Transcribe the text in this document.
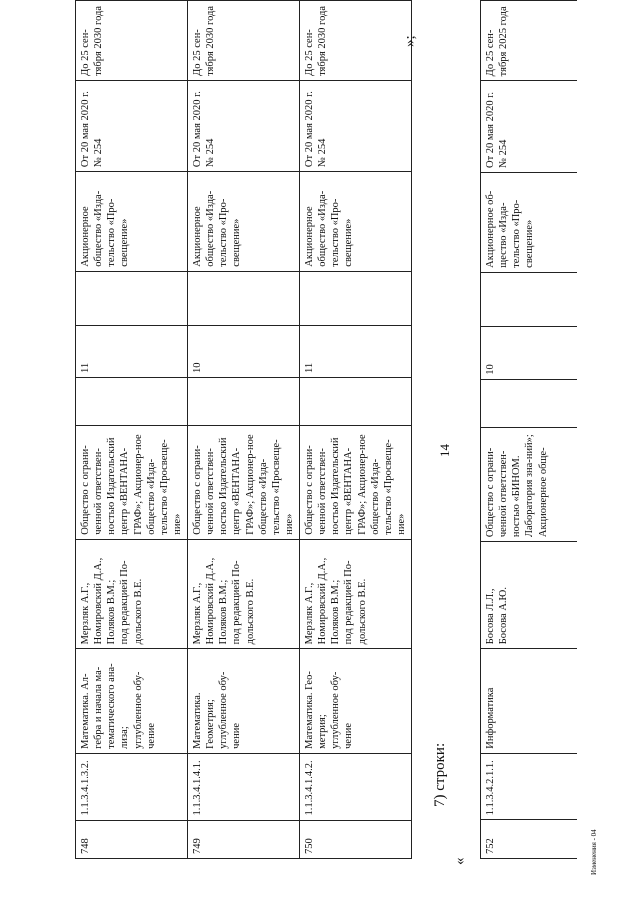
14
748	1.1.3.4.1.3.2.	Математика. Ал-гебра и начала ма-тематического ана-лиза; углубленное обу-чение	Мерзляк А.Г., Номировский Д.А., Поляков В.М.; под редакцией По-дольского В.Е.	Общество с ограни-ченной ответствен-ностью Издательский центр «ВЕНТАНА-ГРАФ»; Акционер-ное общество «Изда-тельство «Просвеще-ние»		11		Акционерное общество «Изда-тельство «Про-свещение»	От 20 мая 2020 г. № 254	До 25 сен-тября 2030 года
749	1.1.3.4.1.4.1.	Математика. Геометрия; углубленное обу-чение	Мерзляк А.Г., Номировский Д.А., Поляков В.М.; под редакцией По-дольского В.Е.	Общество с ограни-ченной ответствен-ностью Издательский центр «ВЕНТАНА-ГРАФ»; Акционер-ное общество «Изда-тельство «Просвеще-ние»		10		Акционерное общество «Изда-тельство «Про-свещение»	От 20 мая 2020 г. № 254	До 25 сен-тября 2030 года
750	1.1.3.4.1.4.2.	Математика. Гео-метрия; углубленное обу-чение	Мерзляк А.Г., Номировский Д.А., Поляков В.М.; под редакцией По-дольского В.Е.	Общество с ограни-ченной ответствен-ностью Издательский центр «ВЕНТАНА-ГРАФ»; Акционер-ное общество «Изда-тельство «Просвеще-ние»		11		Акционерное общество «Изда-тельство «Про-свещение»	От 20 мая 2020 г. № 254	До 25 сен-тября 2030 года	»;
7) строки:
«
752	1.1.3.4.2.1.1.	Информатика	Босова Л.Л., Босова А.Ю.	Общество с ограни-ченной ответствен-ностью «БИНОМ. Лаборатория зна-ний»; Акционерное обще-		10		Акционерное об-щество «Изда-тельство «Про-свещение»	От 20 мая 2020 г. № 254	До 25 сен-тября 2025 года
Изменения - 04
